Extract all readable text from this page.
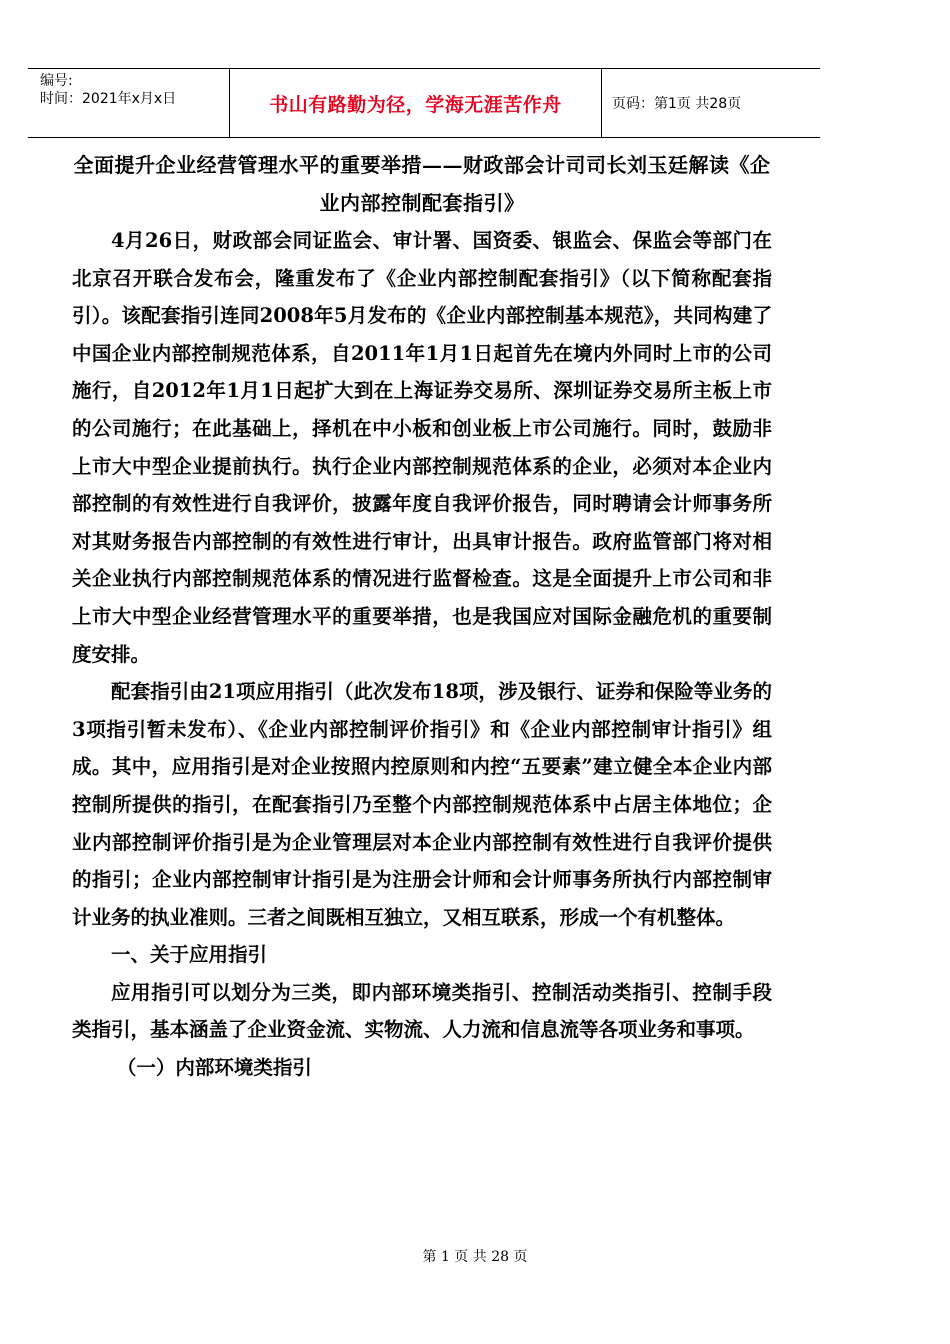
编号:
时间：2021年x月x日	书山有路勤为径，学海无涯苦作舟	页码：第1页 共28页

全面提升企业经营管理水平的重要举措——财政部会计司司长刘玉廷解读《企业内部控制配套指引》

4月26日，财政部会同证监会、审计署、国资委、银监会、保监会等部门在北京召开联合发布会，隆重发布了《企业内部控制配套指引》（以下简称配套指引）。该配套指引连同2008年5月发布的《企业内部控制基本规范》，共同构建了中国企业内部控制规范体系，自2011年1月1日起首先在境内外同时上市的公司施行，自2012年1月1日起扩大到在上海证券交易所、深圳证券交易所主板上市的公司施行；在此基础上，择机在中小板和创业板上市公司施行。同时，鼓励非上市大中型企业提前执行。执行企业内部控制规范体系的企业，必须对本企业内部控制的有效性进行自我评价，披露年度自我评价报告，同时聘请会计师事务所对其财务报告内部控制的有效性进行审计，出具审计报告。政府监管部门将对相关企业执行内部控制规范体系的情况进行监督检查。这是全面提升上市公司和非上市大中型企业经营管理水平的重要举措，也是我国应对国际金融危机的重要制度安排。

配套指引由21项应用指引（此次发布18项，涉及银行、证券和保险等业务的3项指引暂未发布）、《企业内部控制评价指引》和《企业内部控制审计指引》组成。其中，应用指引是对企业按照内控原则和内控“五要素”建立健全本企业内部控制所提供的指引，在配套指引乃至整个内部控制规范体系中占居主体地位；企业内部控制评价指引是为企业管理层对本企业内部控制有效性进行自我评价提供的指引；企业内部控制审计指引是为注册会计师和会计师事务所执行内部控制审计业务的执业准则。三者之间既相互独立，又相互联系，形成一个有机整体。

一、关于应用指引

应用指引可以划分为三类，即内部环境类指引、控制活动类指引、控制手段类指引，基本涵盖了企业资金流、实物流、人力流和信息流等各项业务和事项。

（一）内部环境类指引

第 1 页 共 28 页
